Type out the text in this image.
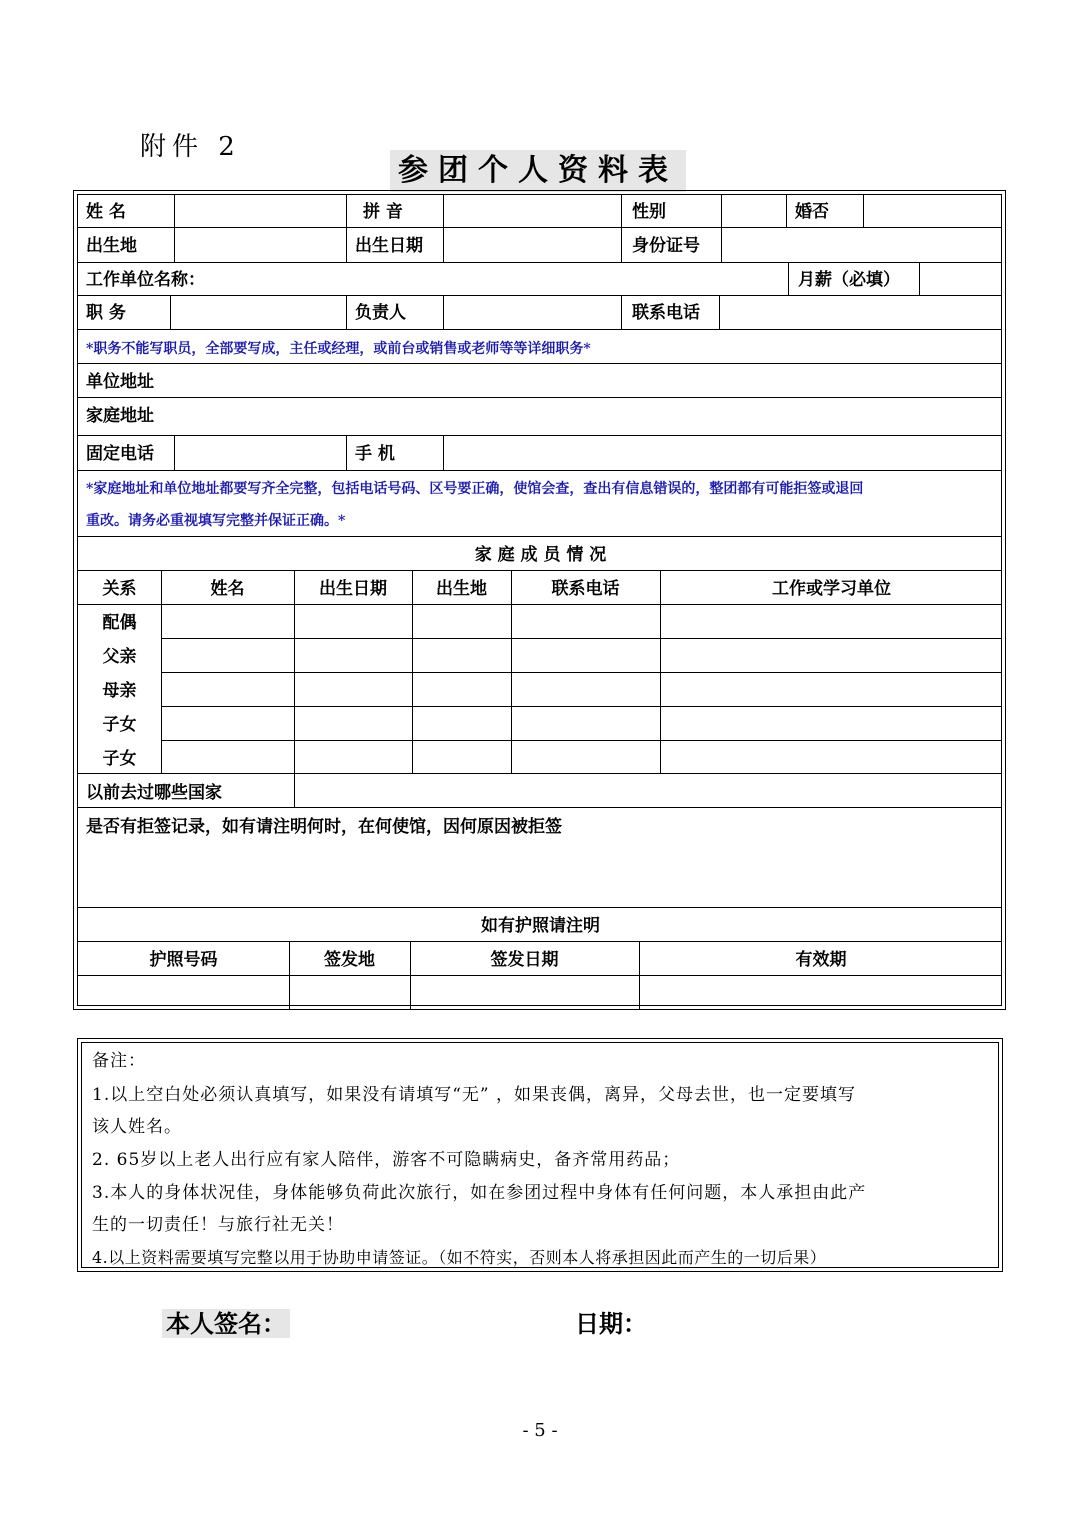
附件 2
参团个人资料表
姓 名	拼 音	性别	婚否
出生地	出生日期	身份证号
工作单位名称：	月薪（必填）
职 务	负责人	联系电话
*职务不能写职员，全部要写成，主任或经理，或前台或销售或老师等等详细职务*
单位地址
家庭地址
固定电话	手 机
*家庭地址和单位地址都要写齐全完整，包括电话号码、区号要正确，使馆会查，查出有信息错误的，整团都有可能拒签或退回
重改。请务必重视填写完整并保证正确。*
家 庭 成 员 情 况
关系	姓名	出生日期	出生地	联系电话	工作或学习单位
配偶
父亲
母亲
子女
子女
以前去过哪些国家
是否有拒签记录，如有请注明何时，在何使馆，因何原因被拒签
如有护照请注明
护照号码	签发地	签发日期	有效期
备注：
1.以上空白处必须认真填写，如果没有请填写“无” ，如果丧偶，离异，父母去世，也一定要填写
该人姓名。
2. 65岁以上老人出行应有家人陪伴，游客不可隐瞒病史，备齐常用药品；
3.本人的身体状况佳，身体能够负荷此次旅行，如在参团过程中身体有任何问题，本人承担由此产
生的一切责任！与旅行社无关！
4.以上资料需要填写完整以用于协助申请签证。（如不符实，否则本人将承担因此而产生的一切后果）
本人签名：	日期：
- 5 -
